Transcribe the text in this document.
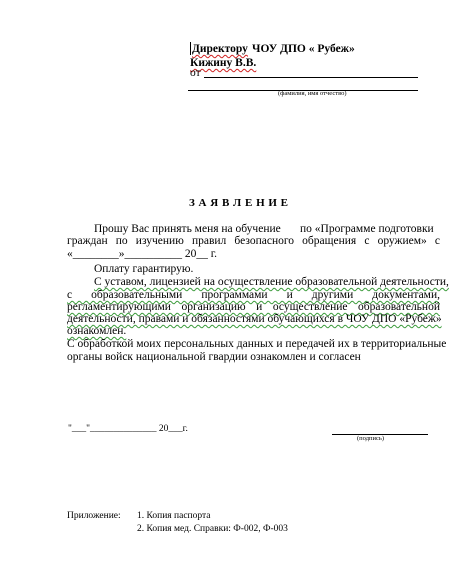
Директору ЧОУ ДПО « Рубеж»
Кижину В.В.
от
(фамилия, имя отчество)
З А Я В Л Е Н И Е
Прошу Вас принять меня на обучение по «Программе подготовки
граждан по изучению правил безопасного обращения с оружием» с
«________»__________ 20__ г.
Оплату гарантирую.
С уставом, лицензией на осуществление образовательной деятельности,
с образовательными программами и другими документами,
регламентирующими организацию и осуществление образовательной
деятельности, правами и обязанностями обучающихся в ЧОУ ДПО «Рубеж»
ознакомлен.
С обработкой моих персональных данных и передачей их в территориальные
органы войск национальной гвардии ознакомлен и согласен
"___"______________ 20___г.
(подпись)
Приложение: 1. Копия паспорта
2. Копия мед. Справки: Ф-002, Ф-003
